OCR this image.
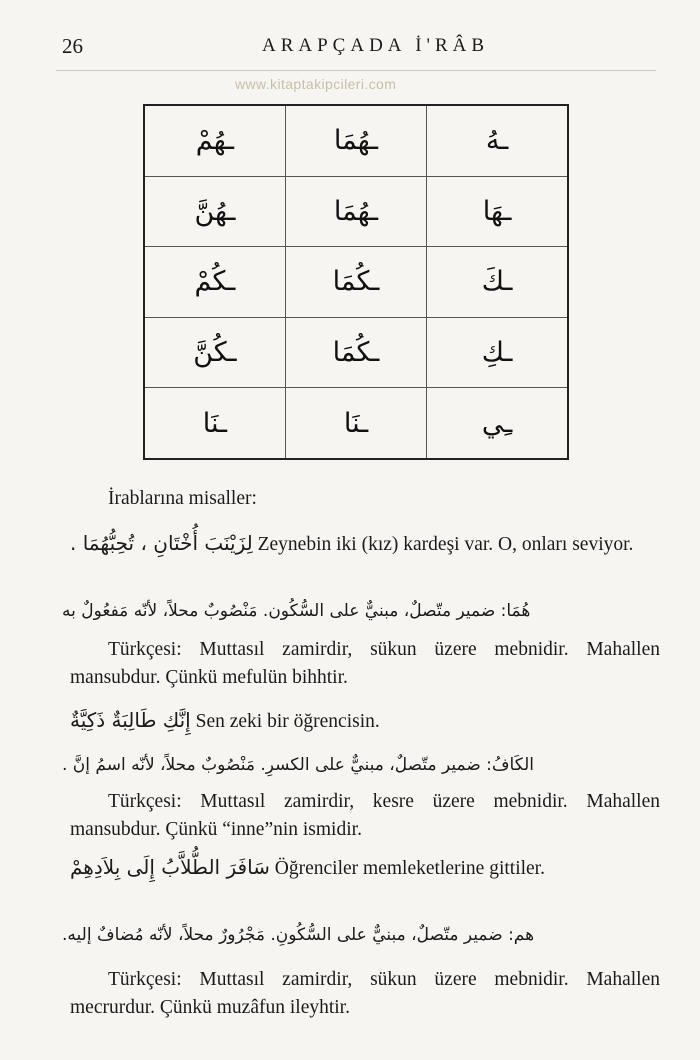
26	ARAPÇADA İ'RÂB
www.kitaptakipcileri.com
ـهُمْ	ـهُمَا	ـهُ
ـهُنَّ	ـهُمَا	ـهَا
ـكُمْ	ـكُمَا	ـكَ
ـكُنَّ	ـكُمَا	ـكِ
ـنَا	ـنَا	ـِي
İrablarına misaller:
لِزَيْنَبَ أُخْتَانِ ، تُحِبُّهُمَا . Zeynebin iki (kız) kardeşi var. O, onları seviyor.
هُمَا: ضمير متّصلٌ، مبنيٌّ على السُّكُون. مَنْصُوبٌ محلاً، لأنّه مَفعُولٌ به
Türkçesi: Muttasıl zamirdir, sükun üzere mebnidir. Mahallen mansubdur. Çünkü mefulün bihhtir.
إِنَّكِ طَالِبَةٌ ذَكِيَّةٌ Sen zeki bir öğrencisin.
الكَافُ: ضمير متّصلٌ، مبنيٌّ على الكسرِ. مَنْصُوبٌ محلاً، لأنّه اسمُ إنَّ .
Türkçesi: Muttasıl zamirdir, kesre üzere mebnidir. Mahallen mansubdur. Çünkü “inne”nin ismidir.
سَافَرَ الطُّلاَّبُ إِلَى بِلاَدِهِمْ Öğrenciler memleketlerine gittiler.
هم: ضمير متّصلٌ، مبنيٌّ على السُّكُونِ. مَجْرُورٌ محلاً، لأنّه مُضافٌ إليه.
Türkçesi: Muttasıl zamirdir, sükun üzere mebnidir. Mahallen mecrurdur. Çünkü muzâfun ileyhtir.
